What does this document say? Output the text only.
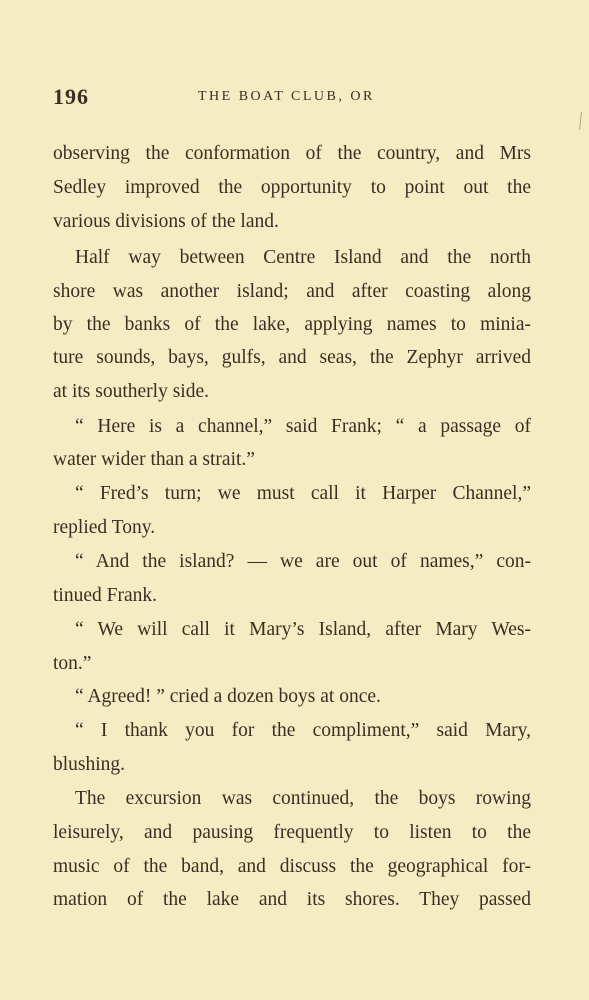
196	THE BOAT CLUB, OR
observing the conformation of the country, and Mrs
Sedley improved the opportunity to point out the
various divisions of the land.
Half way between Centre Island and the north
shore was another island; and after coasting along
by the banks of the lake, applying names to minia-
ture sounds, bays, gulfs, and seas, the Zephyr arrived
at its southerly side.
“ Here is a channel,” said Frank; “ a passage of
water wider than a strait.”
“ Fred’s turn; we must call it Harper Channel,”
replied Tony.
“ And the island? — we are out of names,” con-
tinued Frank.
“ We will call it Mary’s Island, after Mary Wes-
ton.”
“ Agreed! ” cried a dozen boys at once.
“ I thank you for the compliment,” said Mary,
blushing.
The excursion was continued, the boys rowing
leisurely, and pausing frequently to listen to the
music of the band, and discuss the geographical for-
mation of the lake and its shores. They passed
